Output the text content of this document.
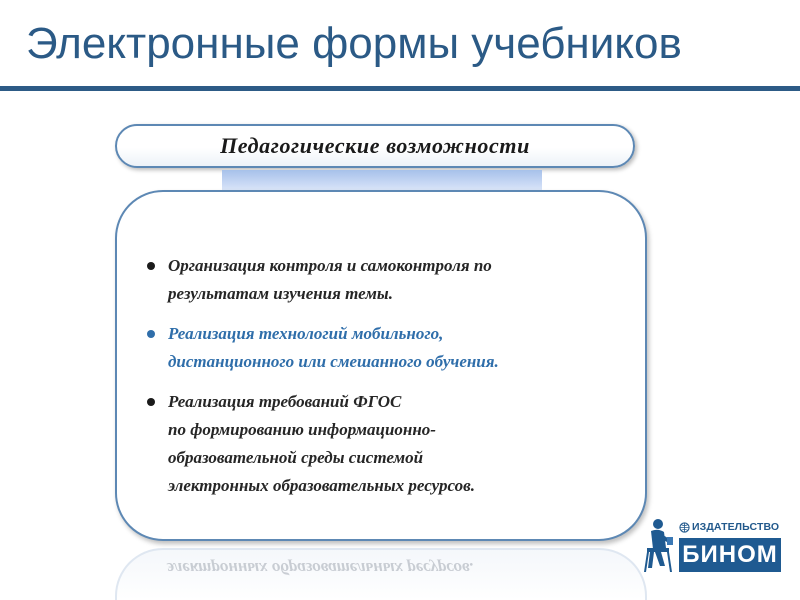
Электронные формы учебников
Педагогические возможности
Организация контроля и самоконтроля по
результатам изучения темы.
Реализация технологий мобильного,
дистанционного или смешанного обучения.
Реализация требований ФГОС
по формированию информационно-
образовательной среды системой
электронных образовательных ресурсов.
электронных образовательных ресурсов.
ИЗДАТЕЛЬСТВО
БИНОМ
